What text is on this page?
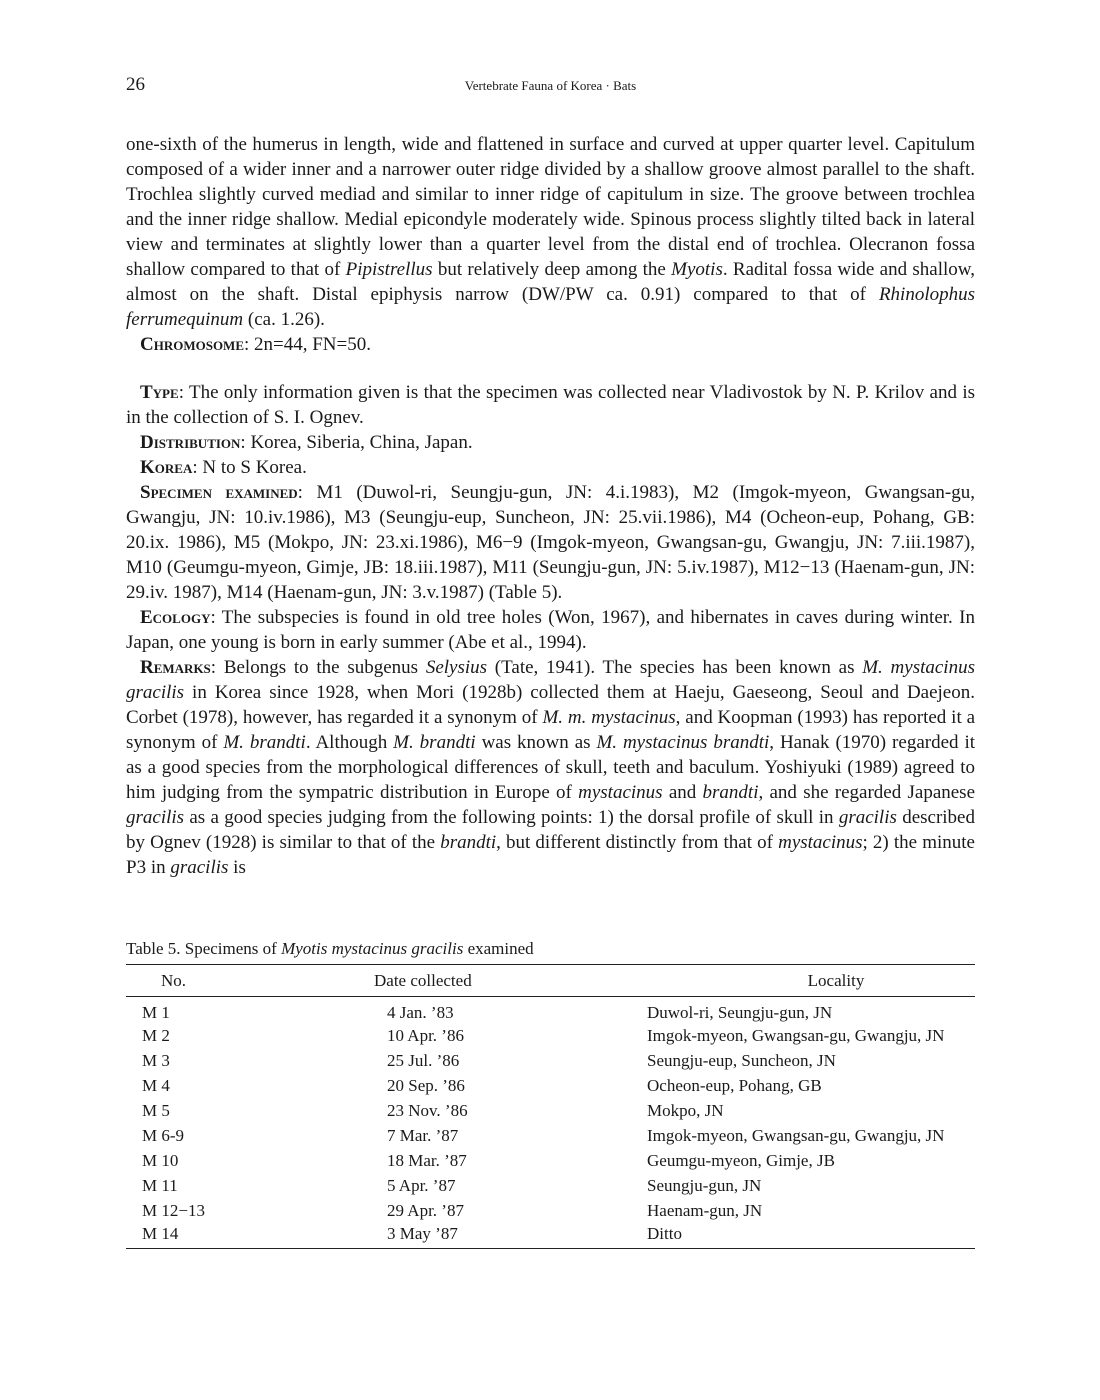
26	Vertebrate Fauna of Korea · Bats

one-sixth of the humerus in length, wide and flattened in surface and curved at upper quarter level. Capitulum composed of a wider inner and a narrower outer ridge divided by a shallow groove almost parallel to the shaft. Trochlea slightly curved mediad and similar to inner ridge of capitulum in size. The groove between trochlea and the inner ridge shallow. Medial epicondyle moderately wide. Spinous process slightly tilted back in lateral view and terminates at slightly lower than a quarter level from the distal end of trochlea. Olecranon fossa shallow compared to that of Pipistrellus but relatively deep among the Myotis. Radital fossa wide and shallow, almost on the shaft. Distal epiphysis narrow (DW/PW ca. 0.91) compared to that of Rhinolophus ferrumequinum (ca. 1.26).

Chromosome: 2n=44, FN=50.

Type: The only information given is that the specimen was collected near Vladivostok by N. P. Krilov and is in the collection of S. I. Ognev.

Distribution: Korea, Siberia, China, Japan.

Korea: N to S Korea.

Specimen examined: M1 (Duwol-ri, Seungju-gun, JN: 4.i.1983), M2 (Imgok-myeon, Gwangsan-gu, Gwangju, JN: 10.iv.1986), M3 (Seungju-eup, Suncheon, JN: 25.vii.1986), M4 (Ocheon-eup, Pohang, GB: 20.ix. 1986), M5 (Mokpo, JN: 23.xi.1986), M6−9 (Imgok-myeon, Gwangsan-gu, Gwangju, JN: 7.iii.1987), M10 (Geumgu-myeon, Gimje, JB: 18.iii.1987), M11 (Seungju-gun, JN: 5.iv.1987), M12−13 (Haenam-gun, JN: 29.iv. 1987), M14 (Haenam-gun, JN: 3.v.1987) (Table 5).

Ecology: The subspecies is found in old tree holes (Won, 1967), and hibernates in caves during winter. In Japan, one young is born in early summer (Abe et al., 1994).

Remarks: Belongs to the subgenus Selysius (Tate, 1941). The species has been known as M. mystacinus gracilis in Korea since 1928, when Mori (1928b) collected them at Haeju, Gaeseong, Seoul and Daejeon. Corbet (1978), however, has regarded it a synonym of M. m. mystacinus, and Koopman (1993) has reported it a synonym of M. brandti. Although M. brandti was known as M. mystacinus brandti, Hanak (1970) regarded it as a good species from the morphological differences of skull, teeth and baculum. Yoshiyuki (1989) agreed to him judging from the sympatric distribution in Europe of mystacinus and brandti, and she regarded Japanese gracilis as a good species judging from the following points: 1) the dorsal profile of skull in gracilis described by Ognev (1928) is similar to that of the brandti, but different distinctly from that of mystacinus; 2) the minute P3 in gracilis is

Table 5. Specimens of Myotis mystacinus gracilis examined
No.	Date collected	Locality
M 1	4 Jan. ’83	Duwol-ri, Seungju-gun, JN
M 2	10 Apr. ’86	Imgok-myeon, Gwangsan-gu, Gwangju, JN
M 3	25 Jul. ’86	Seungju-eup, Suncheon, JN
M 4	20 Sep. ’86	Ocheon-eup, Pohang, GB
M 5	23 Nov. ’86	Mokpo, JN
M 6-9	7 Mar. ’87	Imgok-myeon, Gwangsan-gu, Gwangju, JN
M 10	18 Mar. ’87	Geumgu-myeon, Gimje, JB
M 11	5 Apr. ’87	Seungju-gun, JN
M 12−13	29 Apr. ’87	Haenam-gun, JN
M 14	3 May ’87	Ditto
